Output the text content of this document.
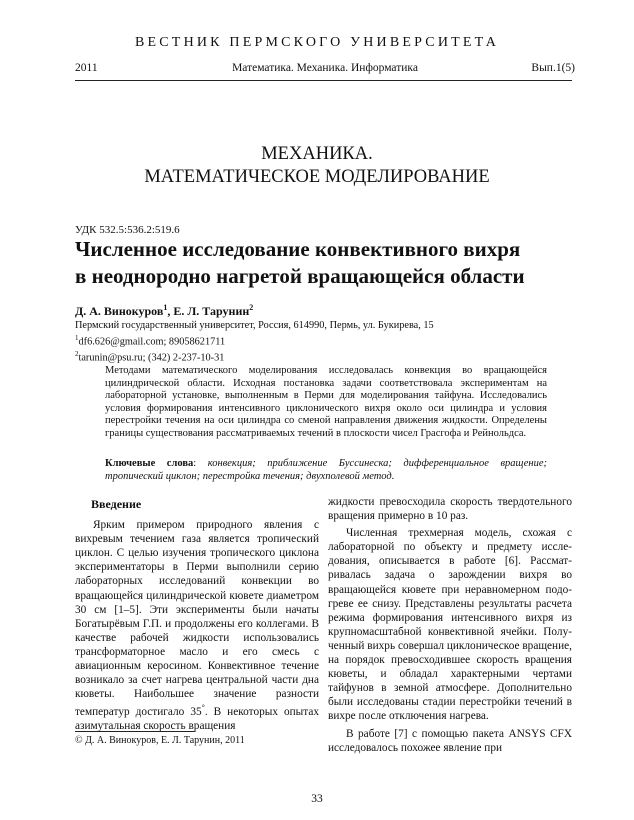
ВЕСТНИК ПЕРМСКОГО УНИВЕРСИТЕТА
2011	Математика. Механика. Информатика	Вып.1(5)
МЕХАНИКА.
МАТЕМАТИЧЕСКОЕ МОДЕЛИРОВАНИЕ
УДК 532.5:536.2:519.6
Численное исследование конвективного вихря
в неоднородно нагретой вращающейся области
Д. А. Винокуров$^1$, Е. Л. Тарунин$^2$
Пермский государственный университет, Россия, 614990, Пермь, ул. Букирева, 15
$^1$df6.626@gmail.com; 89058621711
$^2$tarunin@psu.ru; (342) 2-237-10-31
Методами математического моделирования исследовалась конвекция во вращающейся цилиндрической области. Исходная постановка задачи соответствовала экспериментам на лабораторной установке, выполненным в Перми для моделирования тайфуна. Исследовались условия формирования интенсивного циклонического вихря около оси цилиндра и условия перестройки течения на оси цилиндра со сменой направления движения жидкости. Определены границы существования рассматриваемых течений в плоскости чисел Грасгофа и Рейнольдса.
Ключевые слова: конвекция; приближение Буссинеска; дифференциальное вращение; тропический циклон; перестройка течения; двухполевой метод.
Введение

Ярким примером природного явления с вихревым течением газа является тропический циклон. С целью изучения тропического циклона экспериментаторы в Перми выполнили серию лабораторных исследований конвекции во вращающейся цилиндрической кювете диаметром 30 см [1–5]. Эти эксперименты были начаты Богатырёвым Г.П. и продолжены его коллегами. В качестве рабочей жидкости использовались трансформаторное масло и его смесь с авиационным керосином. Конвективное течение возникало за счет нагрева центральной части дна кюветы. Наибольшее значение разности температур достигало 35°. В некоторых опытах азимутальная скорость вращения

жидкости превосходила скорость твердотельного вращения примерно в 10 раз.

Численная трехмерная модель, схожая с лабораторной по объекту и предмету исследования, описывается в работе [6]. Рассматривалась задача о зарождении вихря во вращающейся кювете при неравномерном подогреве ее снизу. Представлены результаты расчета режима формирования интенсивного вихря из крупномасштабной конвективной ячейки. Полученный вихрь совершал циклоническое вращение, на порядок превосходившее скорость вращения кюветы, и обладал характерными чертами тайфунов в земной атмосфере. Дополнительно были исследованы стадии перестройки течений в вихре после отключения нагрева.

В работе [7] с помощью пакета ANSYS CFX исследовалось похожее явление при

© Д. А. Винокуров, Е. Л. Тарунин, 2011
33
